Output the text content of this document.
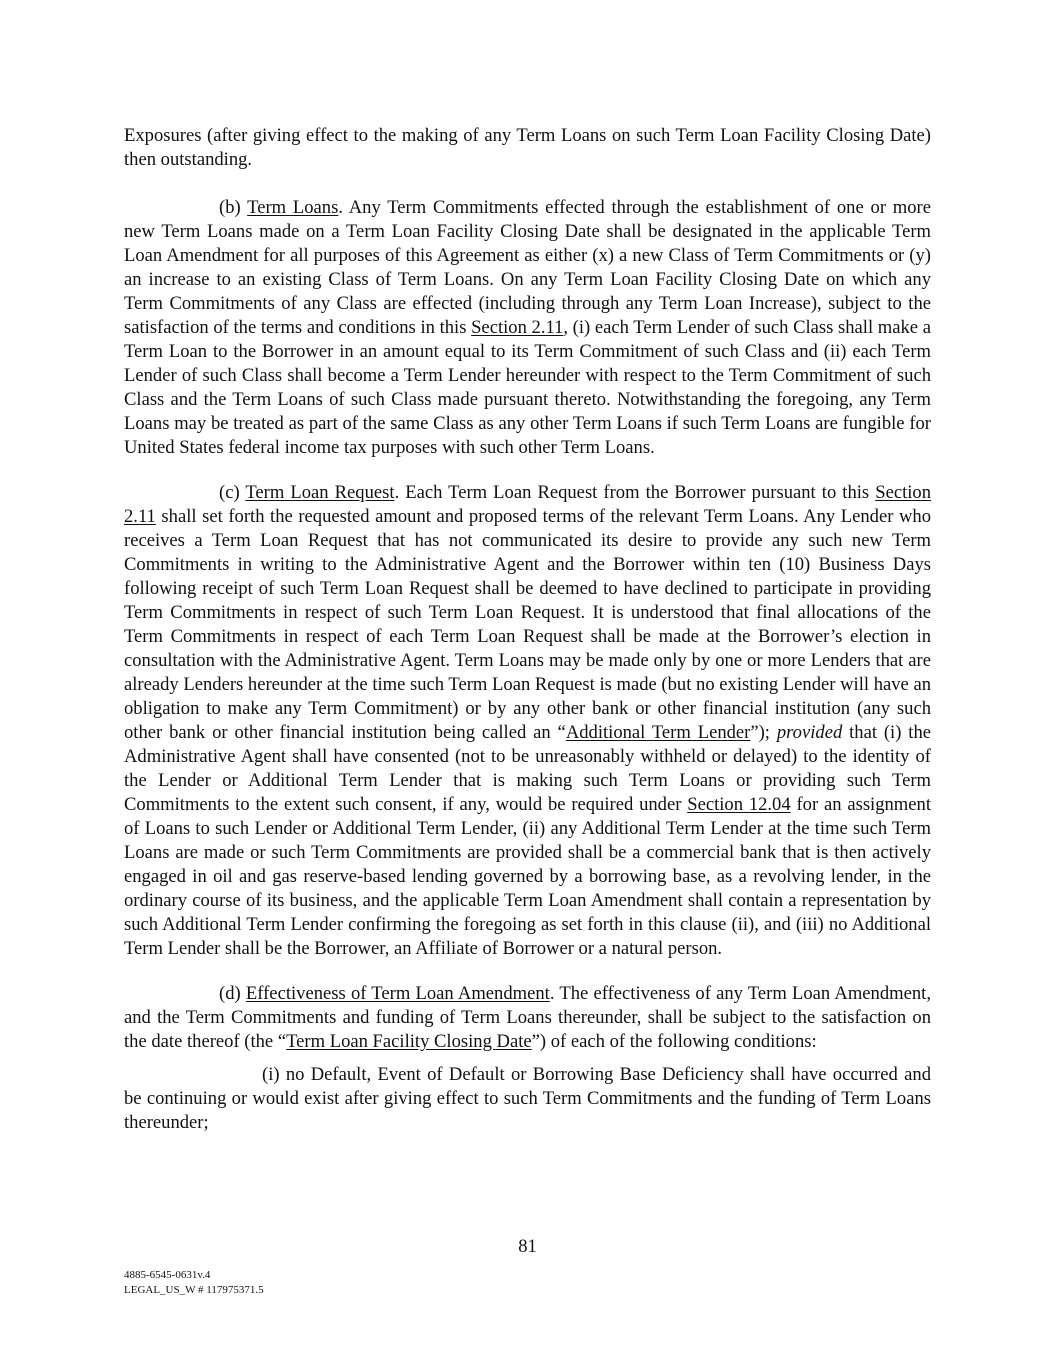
Exposures (after giving effect to the making of any Term Loans on such Term Loan Facility Closing Date) then outstanding.

(b) Term Loans. Any Term Commitments effected through the establishment of one or more new Term Loans made on a Term Loan Facility Closing Date shall be designated in the applicable Term Loan Amendment for all purposes of this Agreement as either (x) a new Class of Term Commitments or (y) an increase to an existing Class of Term Loans. On any Term Loan Facility Closing Date on which any Term Commitments of any Class are effected (including through any Term Loan Increase), subject to the satisfaction of the terms and conditions in this Section 2.11, (i) each Term Lender of such Class shall make a Term Loan to the Borrower in an amount equal to its Term Commitment of such Class and (ii) each Term Lender of such Class shall become a Term Lender hereunder with respect to the Term Commitment of such Class and the Term Loans of such Class made pursuant thereto. Notwithstanding the foregoing, any Term Loans may be treated as part of the same Class as any other Term Loans if such Term Loans are fungible for United States federal income tax purposes with such other Term Loans.

(c) Term Loan Request. Each Term Loan Request from the Borrower pursuant to this Section 2.11 shall set forth the requested amount and proposed terms of the relevant Term Loans. Any Lender who receives a Term Loan Request that has not communicated its desire to provide any such new Term Commitments in writing to the Administrative Agent and the Borrower within ten (10) Business Days following receipt of such Term Loan Request shall be deemed to have declined to participate in providing Term Commitments in respect of such Term Loan Request. It is understood that final allocations of the Term Commitments in respect of each Term Loan Request shall be made at the Borrower’s election in consultation with the Administrative Agent. Term Loans may be made only by one or more Lenders that are already Lenders hereunder at the time such Term Loan Request is made (but no existing Lender will have an obligation to make any Term Commitment) or by any other bank or other financial institution (any such other bank or other financial institution being called an “Additional Term Lender”); provided that (i) the Administrative Agent shall have consented (not to be unreasonably withheld or delayed) to the identity of the Lender or Additional Term Lender that is making such Term Loans or providing such Term Commitments to the extent such consent, if any, would be required under Section 12.04 for an assignment of Loans to such Lender or Additional Term Lender, (ii) any Additional Term Lender at the time such Term Loans are made or such Term Commitments are provided shall be a commercial bank that is then actively engaged in oil and gas reserve-based lending governed by a borrowing base, as a revolving lender, in the ordinary course of its business, and the applicable Term Loan Amendment shall contain a representation by such Additional Term Lender confirming the foregoing as set forth in this clause (ii), and (iii) no Additional Term Lender shall be the Borrower, an Affiliate of Borrower or a natural person.

(d) Effectiveness of Term Loan Amendment. The effectiveness of any Term Loan Amendment, and the Term Commitments and funding of Term Loans thereunder, shall be subject to the satisfaction on the date thereof (the “Term Loan Facility Closing Date”) of each of the following conditions:

(i) no Default, Event of Default or Borrowing Base Deficiency shall have occurred and be continuing or would exist after giving effect to such Term Commitments and the funding of Term Loans thereunder;

81
4885-6545-0631v.4
LEGAL_US_W # 117975371.5
